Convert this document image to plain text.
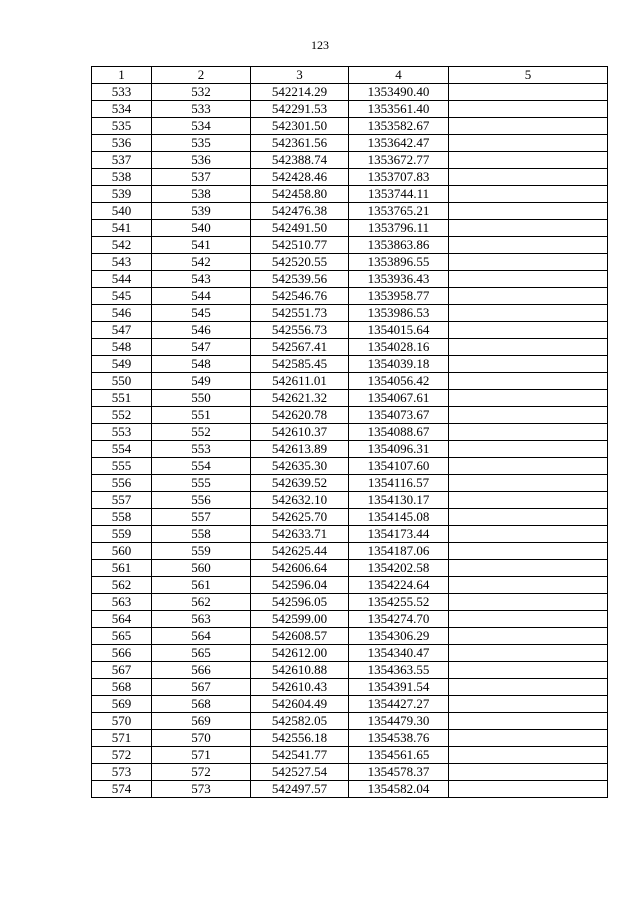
123
1	2	3	4	5
533	532	542214.29	1353490.40	
534	533	542291.53	1353561.40	
535	534	542301.50	1353582.67	
536	535	542361.56	1353642.47	
537	536	542388.74	1353672.77	
538	537	542428.46	1353707.83	
539	538	542458.80	1353744.11	
540	539	542476.38	1353765.21	
541	540	542491.50	1353796.11	
542	541	542510.77	1353863.86	
543	542	542520.55	1353896.55	
544	543	542539.56	1353936.43	
545	544	542546.76	1353958.77	
546	545	542551.73	1353986.53	
547	546	542556.73	1354015.64	
548	547	542567.41	1354028.16	
549	548	542585.45	1354039.18	
550	549	542611.01	1354056.42	
551	550	542621.32	1354067.61	
552	551	542620.78	1354073.67	
553	552	542610.37	1354088.67	
554	553	542613.89	1354096.31	
555	554	542635.30	1354107.60	
556	555	542639.52	1354116.57	
557	556	542632.10	1354130.17	
558	557	542625.70	1354145.08	
559	558	542633.71	1354173.44	
560	559	542625.44	1354187.06	
561	560	542606.64	1354202.58	
562	561	542596.04	1354224.64	
563	562	542596.05	1354255.52	
564	563	542599.00	1354274.70	
565	564	542608.57	1354306.29	
566	565	542612.00	1354340.47	
567	566	542610.88	1354363.55	
568	567	542610.43	1354391.54	
569	568	542604.49	1354427.27	
570	569	542582.05	1354479.30	
571	570	542556.18	1354538.76	
572	571	542541.77	1354561.65	
573	572	542527.54	1354578.37	
574	573	542497.57	1354582.04	
